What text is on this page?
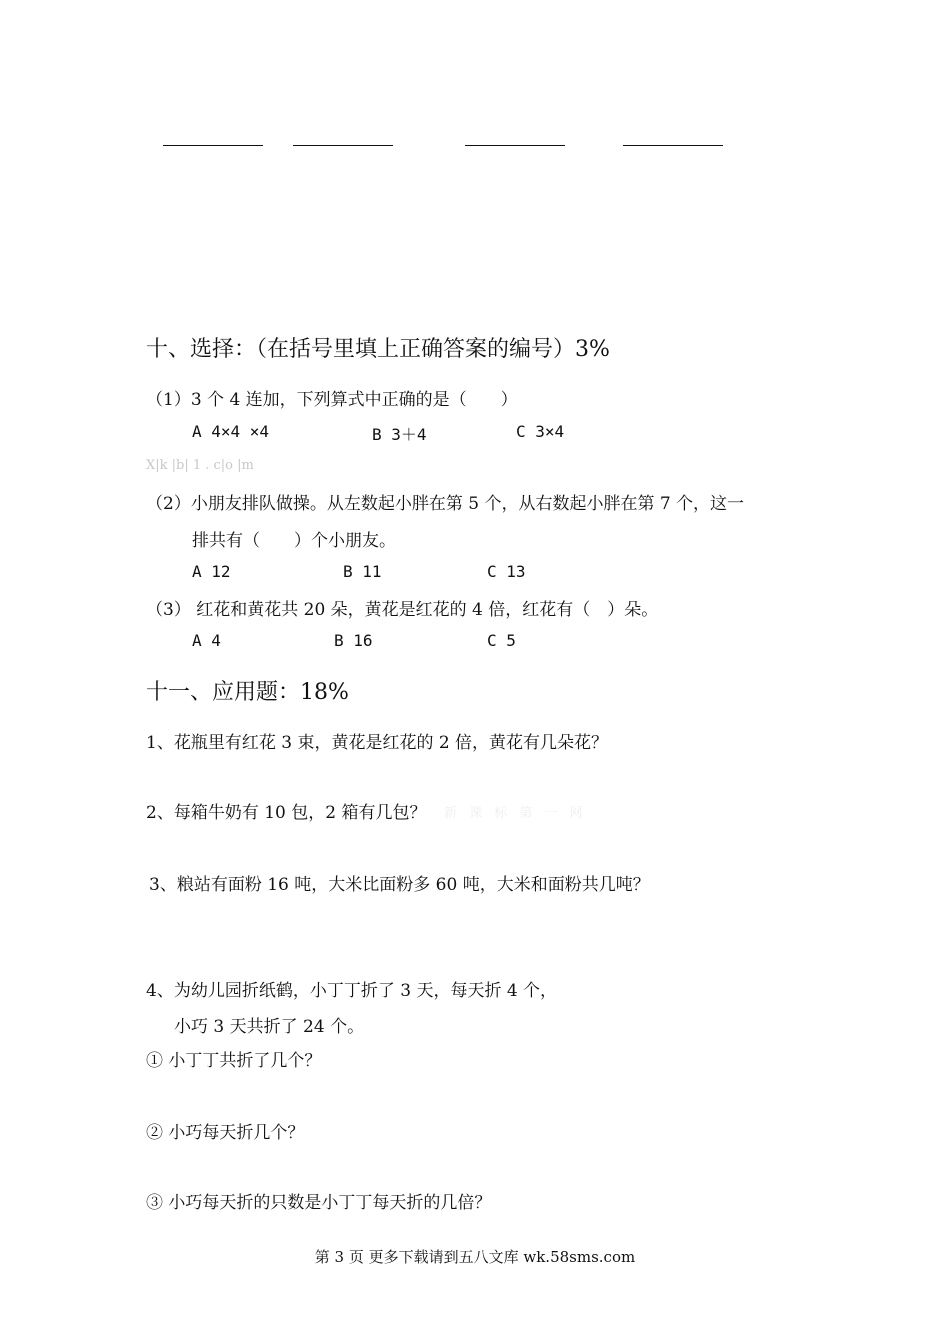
十、选择：（在括号里填上正确答案的编号）3%
（1）3 个 4 连加，下列算式中正确的是（　　）
A 4×4 ×4	B 3＋4	C 3×4
X|k |b| 1 . c|o |m
（2）小朋友排队做操。从左数起小胖在第 5 个，从右数起小胖在第 7 个，这一
排共有（　　）个小朋友。
A 12	B 11	C 13
（3） 红花和黄花共 20 朵，黄花是红花的 4 倍，红花有（　）朵。
A 4	B 16	C 5
十一、应用题：18%
1、花瓶里有红花 3 束，黄花是红花的 2 倍，黄花有几朵花？
2、每箱牛奶有 10 包，2 箱有几包？ 新 课 标 第 一 网
3、粮站有面粉 16 吨，大米比面粉多 60 吨，大米和面粉共几吨？
4、为幼儿园折纸鹤，小丁丁折了 3 天，每天折 4 个，
小巧 3 天共折了 24 个。
① 小丁丁共折了几个？
② 小巧每天折几个？
③ 小巧每天折的只数是小丁丁每天折的几倍？
第 3 页 更多下载请到五八文库 wk.58sms.com
